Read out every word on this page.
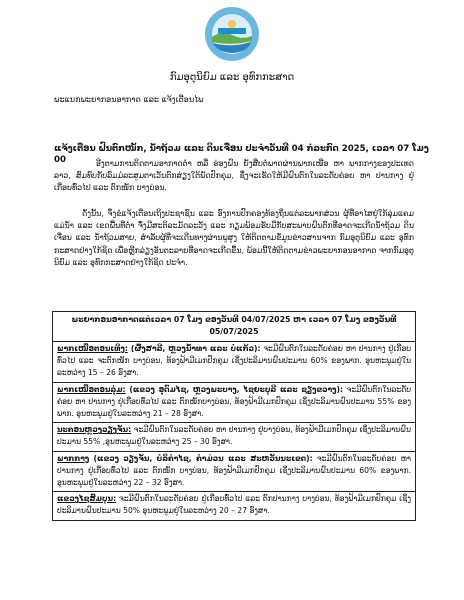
ກົມອຸຕຸນິຍົມ ແລະ ອຸທົກກະສາດ
ພະແນກພະຍາກອນອາກາດ ແລະ ແຈ້ງເຕືອນໄພ
ແຈ້ງເຕືອນ ຝົນຕົກໜັກ, ນ້ຳຖ້ວມ ແລະ ດິນເຈື່ອນ ປະຈຳວັນທີ 04 ກໍລະກົດ 2025, ເວລາ 07 ໂມງ 00	ອີງຕາມການຕິດຕາມອາກາດຕໍ່າ ຫລື ຮ່ອງຝົນ ຍັງສືບຕໍ່ພາດຜ່ານພາກເໜືອ ຫາ ພາກກາງຂອງປະເທດລາວ, ສົມທົບກັບລົມມໍລະສູມຕາເວັນຕົກສ່ຽງໃຕ້ພັດປົກຄຸມ, ຊຶ່ງຈະເຮັດໃຫ້ມີຝົນຕົກໃນລະດັບຄ່ອຍ ຫາ ປານກາງ ຢູ່ເກືອບທົ່ວໄປ ແລະ ຕົກໜັກ ບາງບ່ອນ.
ດັ່ງນັ້ນ, ຈຶ່ງຂໍແຈ້ງເຕືອນເຖິງປະຊາຊົນ ແລະ ອົງການປົກຄອງທ້ອງຖິ່ນແຕ່ລະພາກສ່ວນ ຜູ້ທີ່ອາໄສຢູ່ໃກ້ລຸ່ມແຄມແມ່ນ້ຳ ແລະ ເຂດພື້ນທີ່ຕ່ຳ ຈົ່ງມີສະຕິລະມັດລະວັງ ແລະ ກຽມພ້ອມຮັບມືກັບສະພາບຝົນຕົກທີ່ອາດຈະເກີດນ້ຳຖ້ວມ ດິນເຈື່ອນ ແລະ ນ້ຳຖ້ວມສາຍ, ສຳລັບຜູ້ທີ່ຈະເດີນທາງຜ່ານພູສູງ ໃຫ້ຕິດຕາມຂໍ້ມູນຂ່າວສານຈາກ ກົມອຸຕຸນິຍົມ ແລະ ອຸທົກກະສາດຢ່າງໃກ້ຊິດ ເພື່ອຫຼີກລ່ຽງອັນຕະລາຍທີ່ອາດຈະເກີດຂຶ້ນ, ພ້ອມນີ້ໃຫ້ຕິດຕາມຂ່າວພະຍາກອນອາກາດ ຈາກກົມອຸຕຸນິຍົມ ແລະ ອຸທົກກະສາດຢ່າງໃກ້ຊິດ ປະຈຳ.
ພະຍາກອນອາກາດແຕ່ເວລາ 07 ໂມງ ຂອງວັນທີ 04/07/2025 ຫາ ເວລາ 07 ໂມງ ຂອງວັນທີ 05/07/2025
ພາກເໜືອຕອນເທິງ: (ຜົ້ງສາລີ, ຫຼວງນ້ຳທາ ແລະ ບໍ່ແກ້ວ): ຈະມີຝົນຕົກໃນລະດັບຄ່ອຍ ຫາ ປານກາງ ຢູ່ເກືອບທົ່ວໄປ ແລະ ຈະຕົກໜັກ ບາງບ່ອນ, ທ້ອງຟ້າມີເມກປົກຄຸມ ເຊິ່ງປະລິມານຝົນປະມານ 60% ຂອງພາກ. ອຸນຫະພູມຢູ່ໃນລະຫວ່າງ 15 – 26 ອົງສາ.
ພາກເໜືອຕອນລຸ່ມ: (ແຂວງ ອຸດົມໄຊ, ຫຼວງພະບາງ, ໄຊຍະບູລີ ແລະ ຊຽງຂວາງ): ຈະມີຝົນຕົກໃນລະດັບຄ່ອຍ ຫາ ປານກາງ ຢູ່ເກືອບທົ່ວໄປ ແລະ ຕົກໜັກບາງບ່ອນ, ທ້ອງຟ້າມີເມກປົກຄຸມ ເຊິ່ງປະລິມານຝົນປະມານ 55% ຂອງພາກ. ອຸນຫະພູມຢູ່ໃນລະຫວ່າງ 21 – 28 ອົງສາ.
ນະຄອນຫຼວງວຽງຈັນ: ຈະມີຝົນຕົກໃນລະດັບຄ່ອຍ ຫາ ປານກາງ ຢູ່ບາງບ່ອນ, ທ້ອງຟ້າມີເມກປົກຄຸມ ເຊິ່ງປະລິມານຝົນປະມານ 55% ,ອຸນຫະພູມຢູ່ໃນລະຫວ່າງ 25 – 30 ອົງສາ.
ພາກກາງ (ແຂວງ ວຽງຈັນ, ບໍລິຄຳໄຊ, ຄຳມ່ວນ ແລະ ສະຫວັນນະເຂດ): ຈະມີຝົນຕົກໃນລະດັບຄ່ອຍ ຫາ ປານກາງ ຢູ່ເກືອບທົ່ວໄປ ແລະ ຕົກໜັກ ບາງບ່ອນ, ທ້ອງຟ້າມີເມກປົກຄຸມ ເຊິ່ງປະລິມານຝົນປະມານ 60% ຂອງພາກ. ອຸນຫະພູມຢູ່ໃນລະຫວ່າງ 22 – 32 ອົງສາ.
ແຂວງໄຊສົມບູນ: ຈະມີຝົນຕົກໃນລະດັບຄ່ອຍ ຢູ່ເກືອບທົ່ວໄປ ແລະ ຕົກປານກາງ ບາງບ່ອນ, ທ້ອງຟ້າມີເມກປົກຄຸມ ເຊິ່ງປະລິມານຝົນປະມານ 50% ອຸນຫະພູມຢູ່ໃນລະຫວ່າງ 20 – 27 ອົງສາ.
